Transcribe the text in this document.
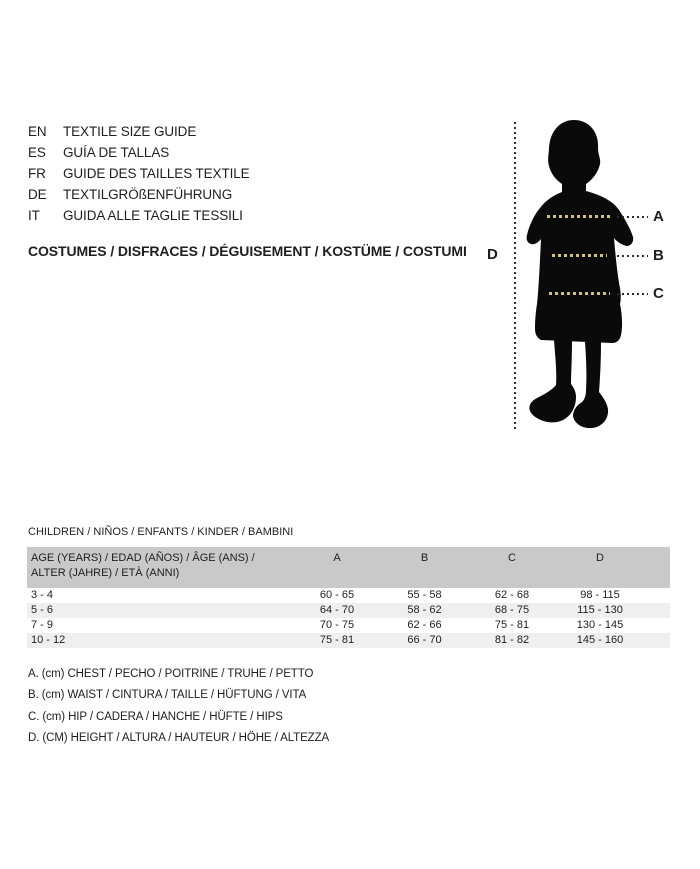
EN	TEXTILE SIZE GUIDE
ES	GUÍA DE TALLAS
FR	GUIDE DES TAILLES TEXTILE
DE	TEXTILGRÖßENFÜHRUNG
IT	GUIDA ALLE TAGLIE TESSILI
COSTUMES / DISFRACES / DÉGUISEMENT / KOSTÜME / COSTUMI D
A
B
C
CHILDREN / NIÑOS / ENFANTS / KINDER / BAMBINI
AGE (YEARS) / EDAD (AÑOS) / ÂGE (ANS) /
ALTER (JAHRE) / ETÀ (ANNI)	A	B	C	D	
3 - 4	60 - 65	55 - 58	62 - 68	98 - 115	
5 - 6	64 - 70	58 - 62	68 - 75	115 - 130	
7 - 9	70 - 75	62 - 66	75 - 81	130 - 145	
10 - 12	75 - 81	66 - 70	81 - 82	145 - 160	
A. (cm) CHEST / PECHO / POITRINE / TRUHE / PETTO
B. (cm) WAIST / CINTURA / TAILLE / HÜFTUNG / VITA
C. (cm) HIP / CADERA / HANCHE / HÜFTE / HIPS
D. (CM) HEIGHT / ALTURA / HAUTEUR / HÖHE / ALTEZZA
